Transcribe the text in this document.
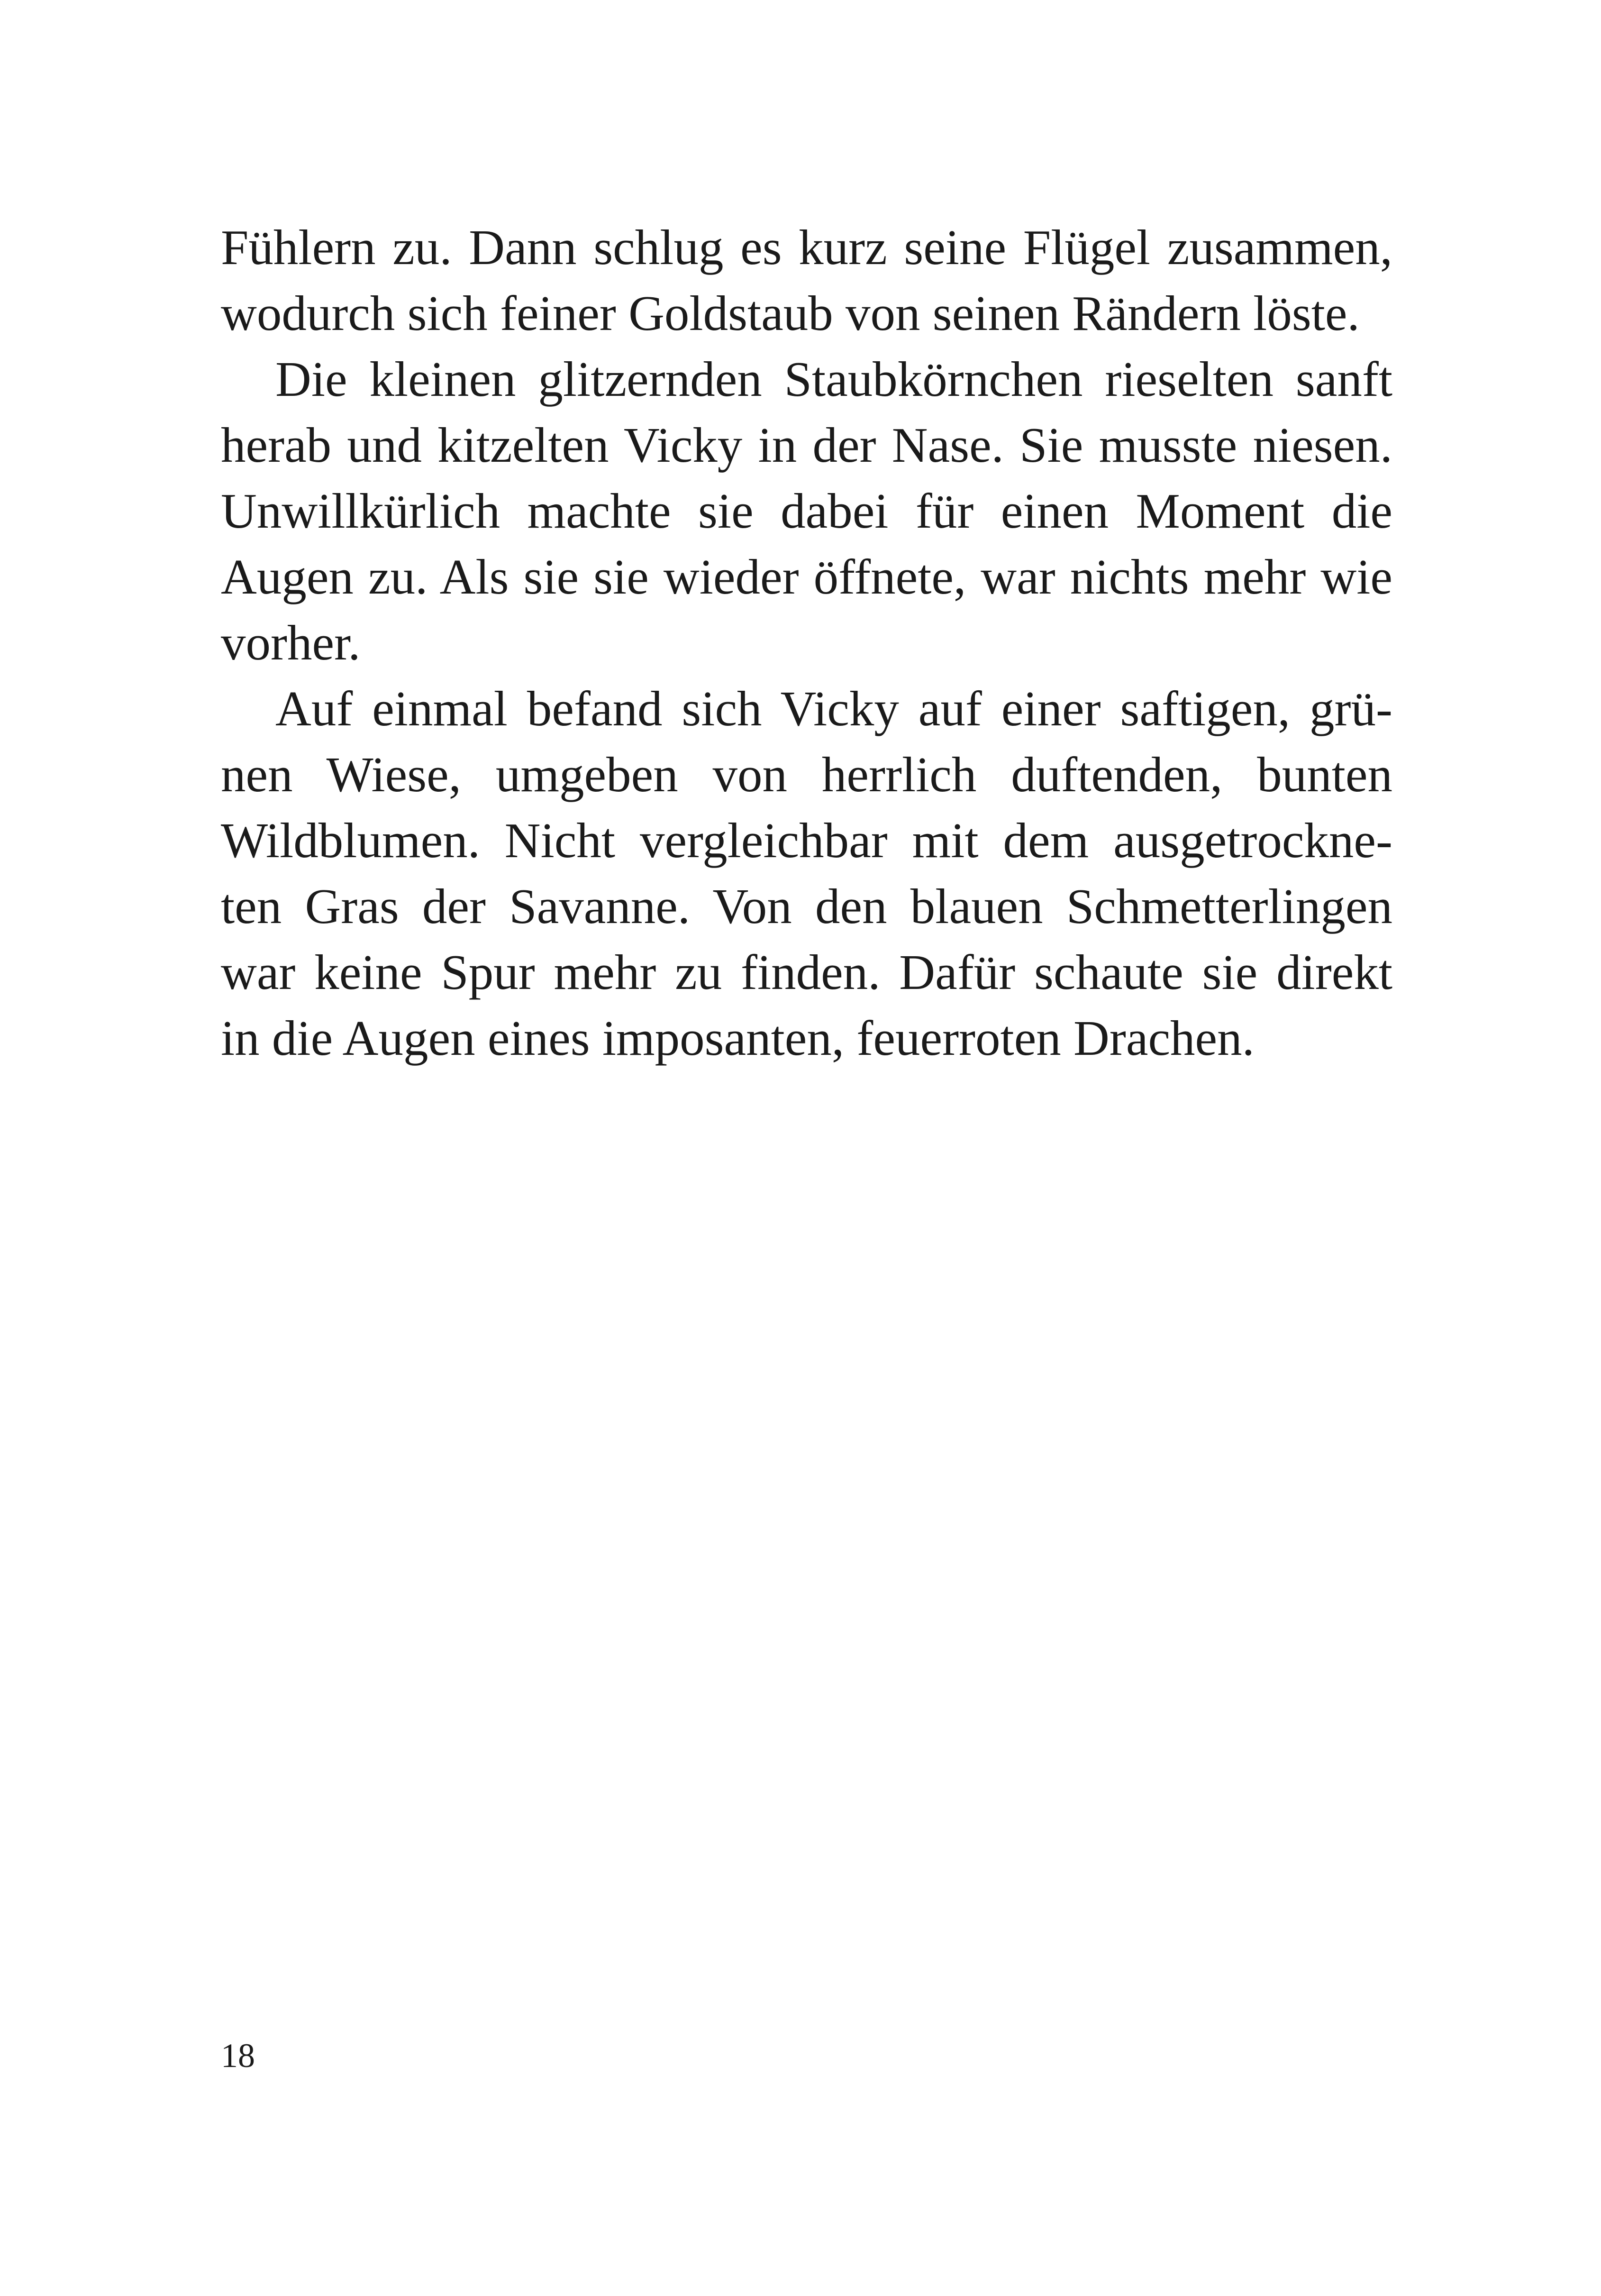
Fühlern zu. Dann schlug es kurz seine Flügel zusammen,
wodurch sich feiner Goldstaub von seinen Rändern löste.
Die kleinen glitzernden Staubkörnchen rieselten sanft
herab und kitzelten Vicky in der Nase. Sie musste niesen.
Unwillkürlich machte sie dabei für einen Moment die
Augen zu. Als sie sie wieder öffnete, war nichts mehr wie
vorher.
Auf einmal befand sich Vicky auf einer saftigen, grü-
nen Wiese, umgeben von herrlich duftenden, bunten
Wildblumen. Nicht vergleichbar mit dem ausgetrockne-
ten Gras der Savanne. Von den blauen Schmetterlingen
war keine Spur mehr zu finden. Dafür schaute sie direkt
in die Augen eines imposanten, feuerroten Drachen.
18
